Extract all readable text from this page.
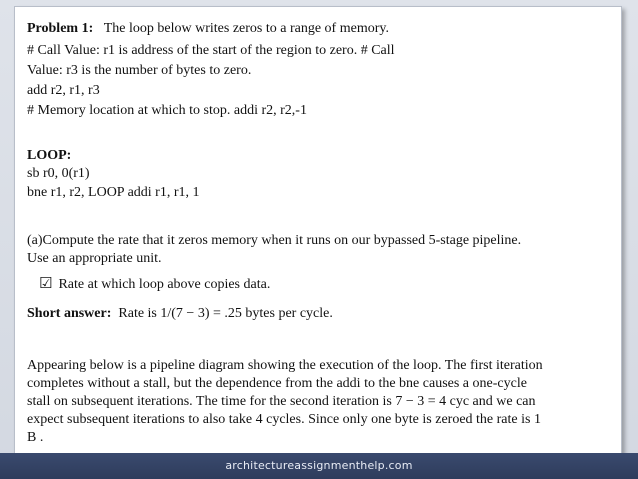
Problem 1: The loop below writes zeros to a range of memory.
# Call Value: r1 is address of the start of the region to zero. # Call
Value: r3 is the number of bytes to zero.
add r2, r1, r3
# Memory location at which to stop. addi r2, r2,-1
LOOP:
sb r0, 0(r1)
bne r1, r2, LOOP addi r1, r1, 1
(a)Compute the rate that it zeros memory when it runs on our bypassed 5-stage pipeline.
Use an appropriate unit.
☑ Rate at which loop above copies data.
Short answer: Rate is 1/(7 − 3) = .25 bytes per cycle.
Appearing below is a pipeline diagram showing the execution of the loop. The first iteration
completes without a stall, but the dependence from the addi to the bne causes a one-cycle
stall on subsequent iterations. The time for the second iteration is 7 − 3 = 4 cyc and we can
expect subsequent iterations to also take 4 cycles. Since only one byte is zeroed the rate is 1
B .
architectureassignmenthelp.com
